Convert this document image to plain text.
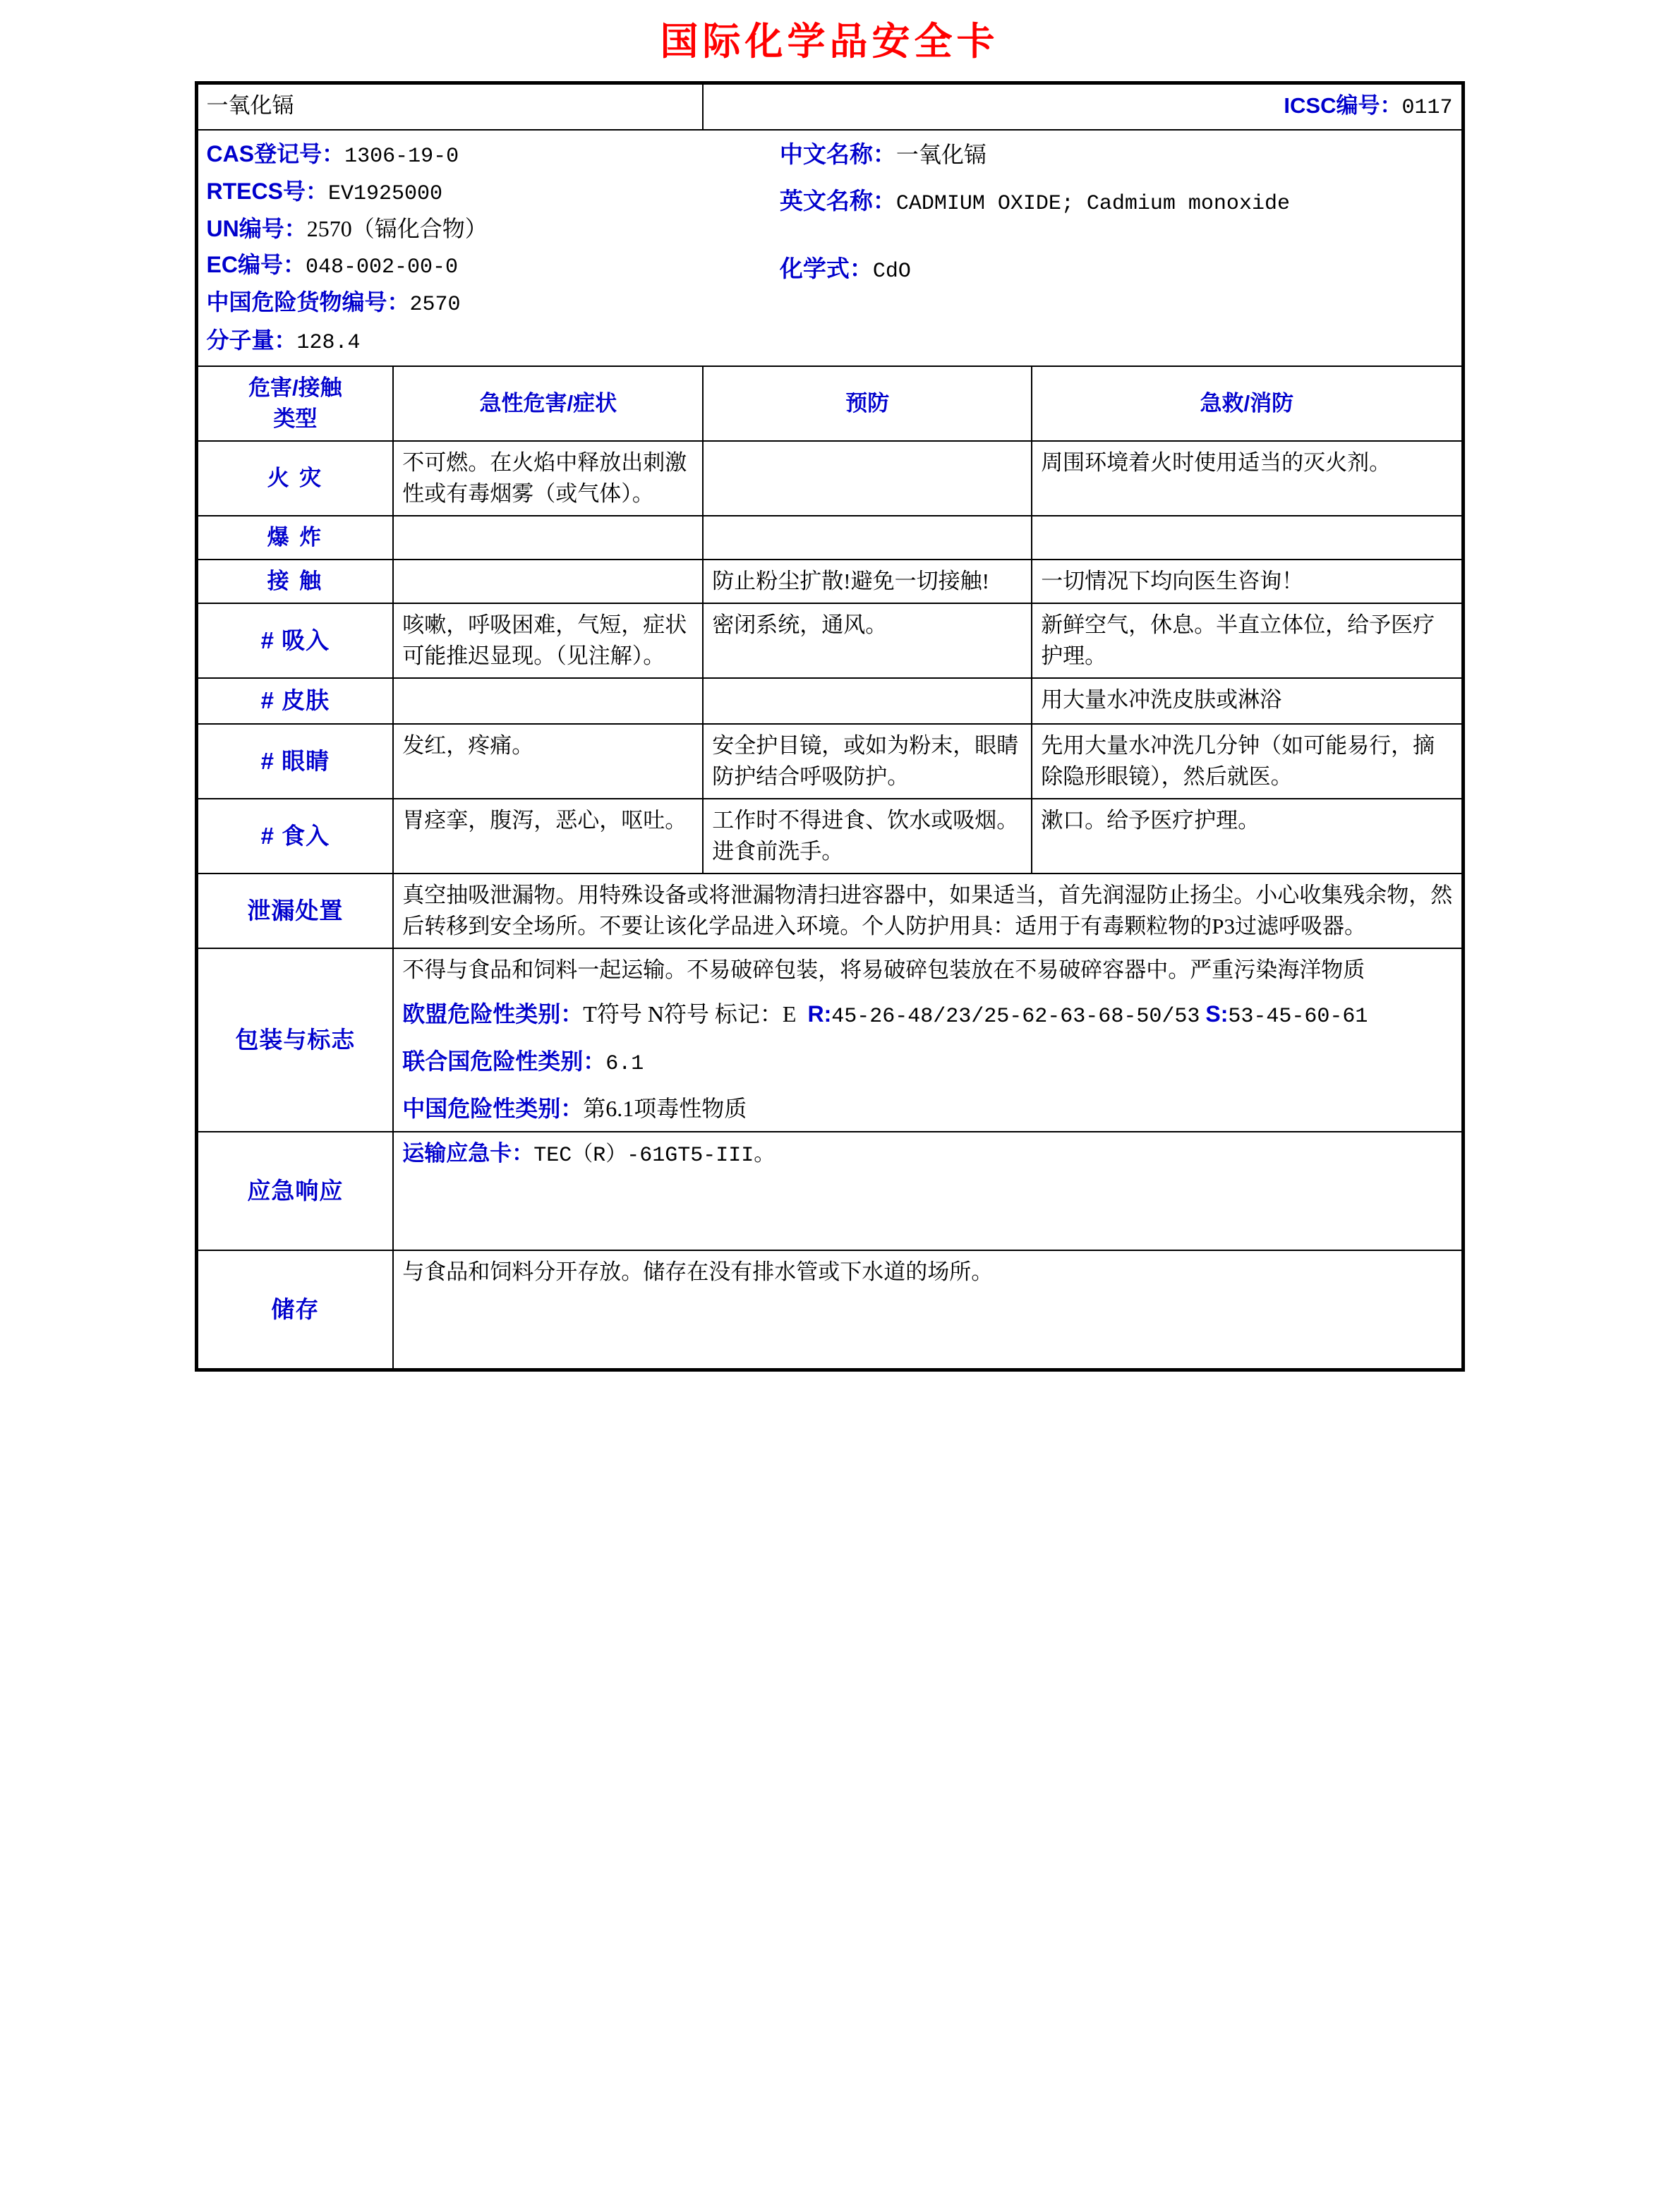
国际化学品安全卡
一氧化镉		ICSC编号：0117	

CAS登记号：1306-19-0
RTECS号：EV1925000
UN编号：2570（镉化合物）
EC编号：048-002-00-0
中国危险货物编号：2570
分子量：128.4
中文名称：一氧化镉
英文名称：CADMIUM OXIDE; Cadmium monoxide
化学式：CdO

危害/接触
类型	急性危害/症状	预防	急救/消防
火 灾	不可燃。在火焰中释放出刺激性或有毒烟雾（或气体）。		周围环境着火时使用适当的灭火剂。
爆 炸			
接 触		防止粉尘扩散!避免一切接触!	一切情况下均向医生咨询！
# 吸入	咳嗽，呼吸困难，气短，症状可能推迟显现。（见注解）。	密闭系统，通风。	新鲜空气，休息。半直立体位，给予医疗护理。
# 皮肤			用大量水冲洗皮肤或淋浴
# 眼睛	发红，疼痛。	安全护目镜，或如为粉末，眼睛防护结合呼吸防护。	先用大量水冲洗几分钟（如可能易行，摘除隐形眼镜），然后就医。
# 食入	胃痉挛，腹泻，恶心，呕吐。	工作时不得进食、饮水或吸烟。 进食前洗手。	漱口。给予医疗护理。
泄漏处置	真空抽吸泄漏物。用特殊设备或将泄漏物清扫进容器中，如果适当，首先润湿防止扬尘。小心收集残余物，然后转移到安全场所。不要让该化学品进入环境。个人防护用具：适用于有毒颗粒物的P3过滤呼吸器。		
包装与标志	不得与食品和饲料一起运输。不易破碎包装，将易破碎包装放在不易破碎容器中。严重污染海洋物质
欧盟危险性类别：T符号 N符号 标记：E R:45-26-48/23/25-62-63-68-50/53 S:53-45-60-61
联合国危险性类别：6.1
中国危险性类别：第6.1项毒性物质		

应急响应	运输应急卡：TEC（R）-61GT5-III。		
储存	与食品和饲料分开存放。储存在没有排水管或下水道的场所。		
